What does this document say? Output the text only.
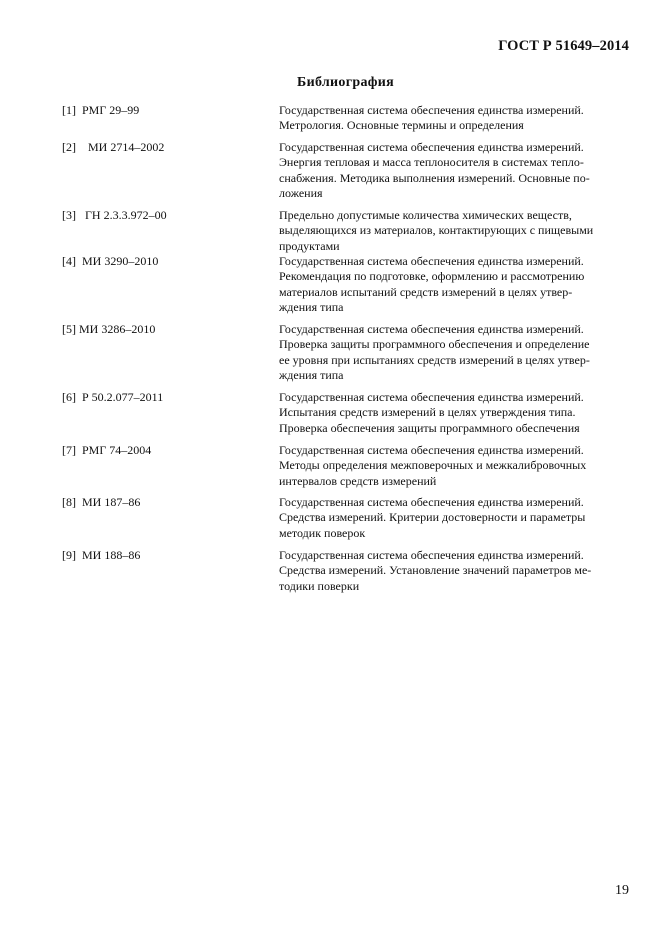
ГОСТ Р 51649–2014
Библиография
[1]  РМГ 29–99	Государственная система обеспечения единства измерений.
Метрология. Основные термины и определения
[2]    МИ 2714–2002	Государственная система обеспечения единства измерений.
Энергия тепловая и масса теплоносителя в системах тепло-
снабжения. Методика выполнения измерений. Основные по-
ложения
[3]   ГН 2.3.3.972–00	Предельно допустимые количества химических веществ,
выделяющихся из материалов, контактирующих с пищевыми
продуктами
[4]  МИ 3290–2010	Государственная система обеспечения единства измерений.
Рекомендация по подготовке, оформлению и рассмотрению
материалов испытаний средств измерений в целях утвер-
ждения типа
[5] МИ 3286–2010	Государственная система обеспечения единства измерений.
Проверка защиты программного обеспечения и определение
ее уровня при испытаниях средств измерений в целях утвер-
ждения типа
[6]  Р 50.2.077–2011	Государственная система обеспечения единства измерений.
Испытания средств измерений в целях утверждения типа.
Проверка обеспечения защиты программного обеспечения
[7]  РМГ 74–2004	Государственная система обеспечения единства измерений.
Методы определения межповерочных и межкалибровочных
интервалов средств измерений
[8]  МИ 187–86	Государственная система обеспечения единства измерений.
Средства измерений. Критерии достоверности и параметры
методик поверок
[9]  МИ 188–86	Государственная система обеспечения единства измерений.
Средства измерений. Установление значений параметров ме-
тодики поверки
19
